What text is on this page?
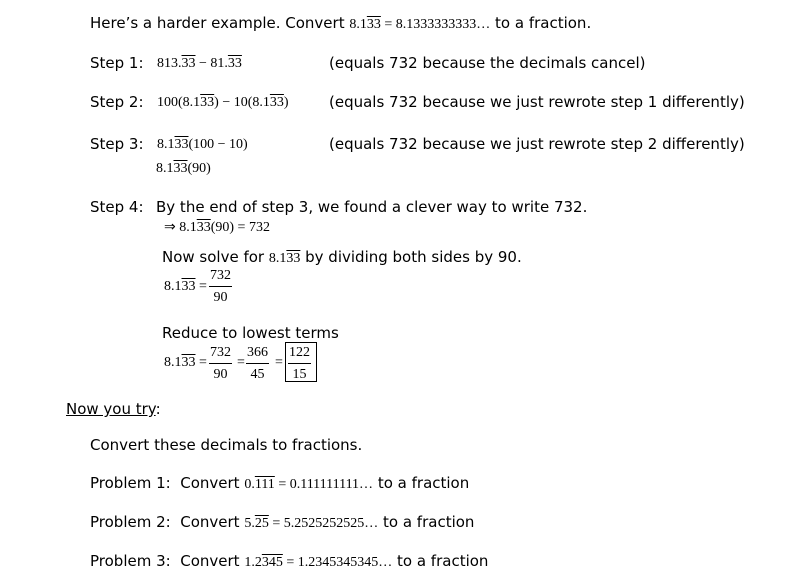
Here’s a harder example. Convert 8.133 = 8.1333333333… to a fraction.
Step 1: 813.33 − 81.33	(equals 732 because the decimals cancel)
Step 2: 100(8.133) − 10(8.133)	(equals 732 because we just rewrote step 1 differently)
Step 3: 8.133(100 − 10)
8.133(90)
(equals 732 because we just rewrote step 2 differently)
Step 4: By the end of step 3, we found a clever way to write 732.
⇒ 8.133(90) = 732
Now solve for 8.133 by dividing both sides by 90.
$8.133 = \frac{732}{90}$
Reduce to lowest terms
$8.133 = \frac{732}{90} = \frac{366}{45} = \frac{122}{15}$
Now you try:
Convert these decimals to fractions.
Problem 1: Convert 0.111 = 0.111111111… to a fraction
Problem 2: Convert 5.25 = 5.2525252525… to a fraction
Problem 3: Convert 1.2345 = 1.2345345345… to a fraction
